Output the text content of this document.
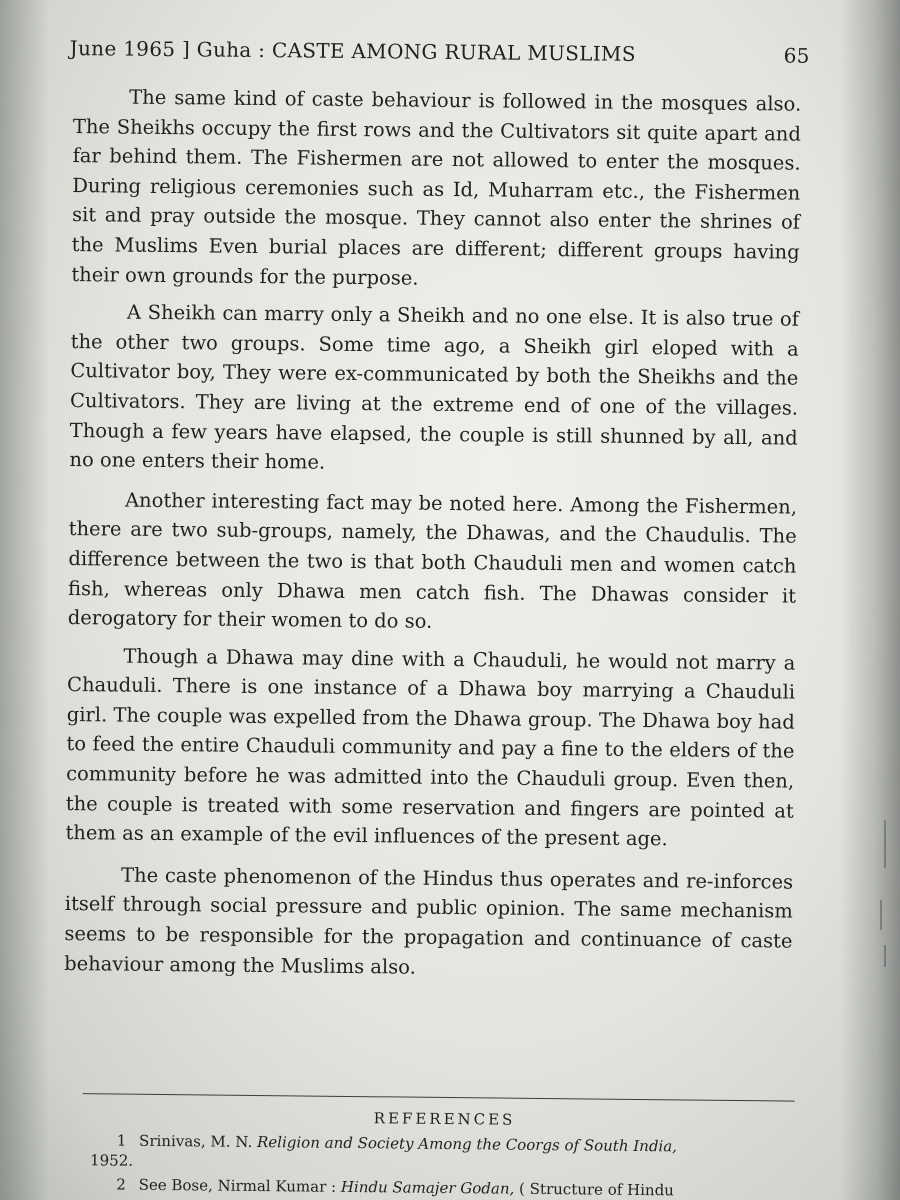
June 1965 ] Guha : CASTE AMONG RURAL MUSLIMS	65

The same kind of caste behaviour is followed in the mosques also. The Sheikhs occupy the first rows and the Cultivators sit quite apart and far behind them. The Fishermen are not allowed to enter the mosques. During religious ceremonies such as Id, Muharram etc., the Fishermen sit and pray outside the mosque. They cannot also enter the shrines of the Muslims Even burial places are different; different groups having their own grounds for the purpose.

A Sheikh can marry only a Sheikh and no one else. It is also true of the other two groups. Some time ago, a Sheikh girl eloped with a Cultivator boy, They were ex-communicated by both the Sheikhs and the Cultivators. They are living at the extreme end of one of the villages. Though a few years have elapsed, the couple is still shunned by all, and no one enters their home.

Another interesting fact may be noted here. Among the Fishermen, there are two sub-groups, namely, the Dhawas, and the Chaudulis. The difference between the two is that both Chauduli men and women catch fish, whereas only Dhawa men catch fish. The Dhawas consider it derogatory for their women to do so.

Though a Dhawa may dine with a Chauduli, he would not marry a Chauduli. There is one instance of a Dhawa boy marrying a Chauduli girl. The couple was expelled from the Dhawa group. The Dhawa boy had to feed the entire Chauduli community and pay a fine to the elders of the community before he was admitted into the Chauduli group. Even then, the couple is treated with some reservation and fingers are pointed at them as an example of the evil influences of the present age.

The caste phenomenon of the Hindus thus operates and re-inforces itself through social pressure and public opinion. The same mechanism seems to be responsible for the propagation and continuance of caste behaviour among the Muslims also.

REFERENCES
1 Srinivas, M. N. Religion and Society Among the Coorgs of South India,
1952.
2 See Bose, Nirmal Kumar : Hindu Samajer Godan, ( Structure of Hindu
